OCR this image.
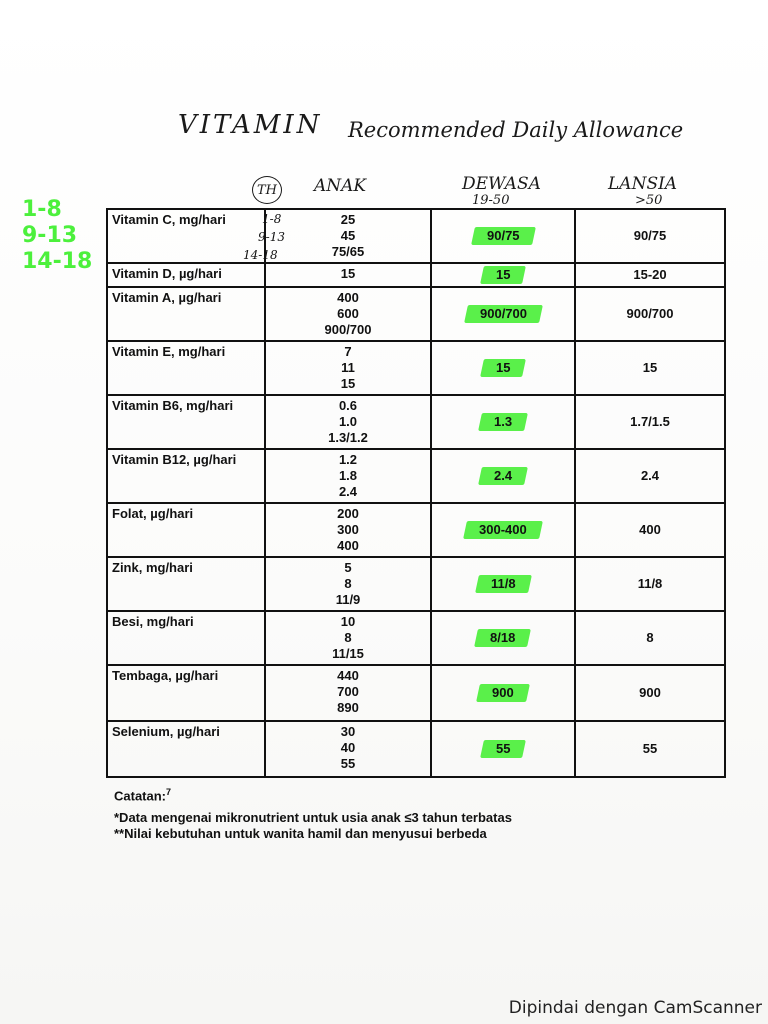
VITAMIN Recommended Daily Allowance
TH ANAK	DEWASA
19-50
LANSIA
>50
1-8
9-13
14-18
1-8
9-13
14-18
Vitamin C, mg/hari	25
45
75/65	90/75	90/75
Vitamin D, µg/hari	15	15	15-20
Vitamin A, µg/hari	400
600
900/700	900/700	900/700
Vitamin E, mg/hari	7
11
15	15	15
Vitamin B6, mg/hari	0.6
1.0
1.3/1.2	1.3	1.7/1.5
Vitamin B12, µg/hari	1.2
1.8
2.4	2.4	2.4
Folat, µg/hari	200
300
400	300-400	400
Zink, mg/hari	5
8
11/9	11/8	11/8
Besi, mg/hari	10
8
11/15	8/18	8
Tembaga, µg/hari	440
700
890	900	900
Selenium, µg/hari	30
40
55	55	55
Catatan:$^7$
*Data mengenai mikronutrient untuk usia anak ≤3 tahun terbatas
**Nilai kebutuhan untuk wanita hamil dan menyusui berbeda
Dipindai dengan CamScanner
